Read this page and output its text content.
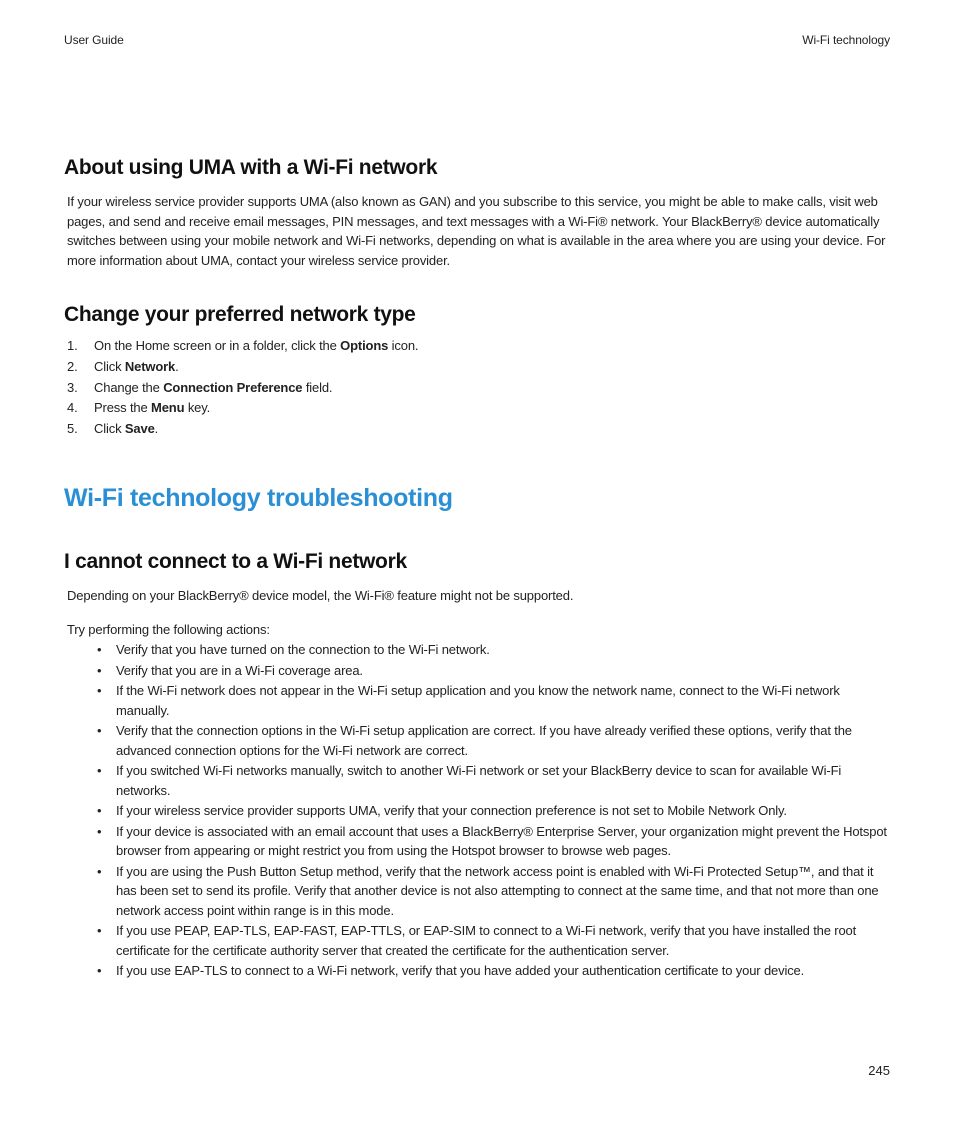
User Guide	Wi-Fi technology
About using UMA with a Wi-Fi network

If your wireless service provider supports UMA (also known as GAN) and you subscribe to this service, you might be able to make calls, visit web pages, and send and receive email messages, PIN messages, and text messages with a Wi-Fi® network. Your BlackBerry® device automatically switches between using your mobile network and Wi-Fi networks, depending on what is available in the area where you are using your device. For more information about UMA, contact your wireless service provider.

Change your preferred network type
1. On the Home screen or in a folder, click the Options icon.
2. Click Network.
3. Change the Connection Preference field.
4. Press the Menu key.
5. Click Save.
Wi-Fi technology troubleshooting
I cannot connect to a Wi-Fi network

Depending on your BlackBerry® device model, the Wi-Fi® feature might not be supported.

Try performing the following actions:

• Verify that you have turned on the connection to the Wi-Fi network.
• Verify that you are in a Wi-Fi coverage area.
• If the Wi-Fi network does not appear in the Wi-Fi setup application and you know the network name, connect to the Wi-Fi network manually.
• Verify that the connection options in the Wi-Fi setup application are correct. If you have already verified these options, verify that the advanced connection options for the Wi-Fi network are correct.
• If you switched Wi-Fi networks manually, switch to another Wi-Fi network or set your BlackBerry device to scan for available Wi-Fi networks.
• If your wireless service provider supports UMA, verify that your connection preference is not set to Mobile Network Only.
• If your device is associated with an email account that uses a BlackBerry® Enterprise Server, your organization might prevent the Hotspot browser from appearing or might restrict you from using the Hotspot browser to browse web pages.
• If you are using the Push Button Setup method, verify that the network access point is enabled with Wi-Fi Protected Setup™, and that it has been set to send its profile. Verify that another device is not also attempting to connect at the same time, and that not more than one network access point within range is in this mode.
• If you use PEAP, EAP-TLS, EAP-FAST, EAP-TTLS, or EAP-SIM to connect to a Wi-Fi network, verify that you have installed the root certificate for the certificate authority server that created the certificate for the authentication server.
• If you use EAP-TLS to connect to a Wi-Fi network, verify that you have added your authentication certificate to your device.
245
